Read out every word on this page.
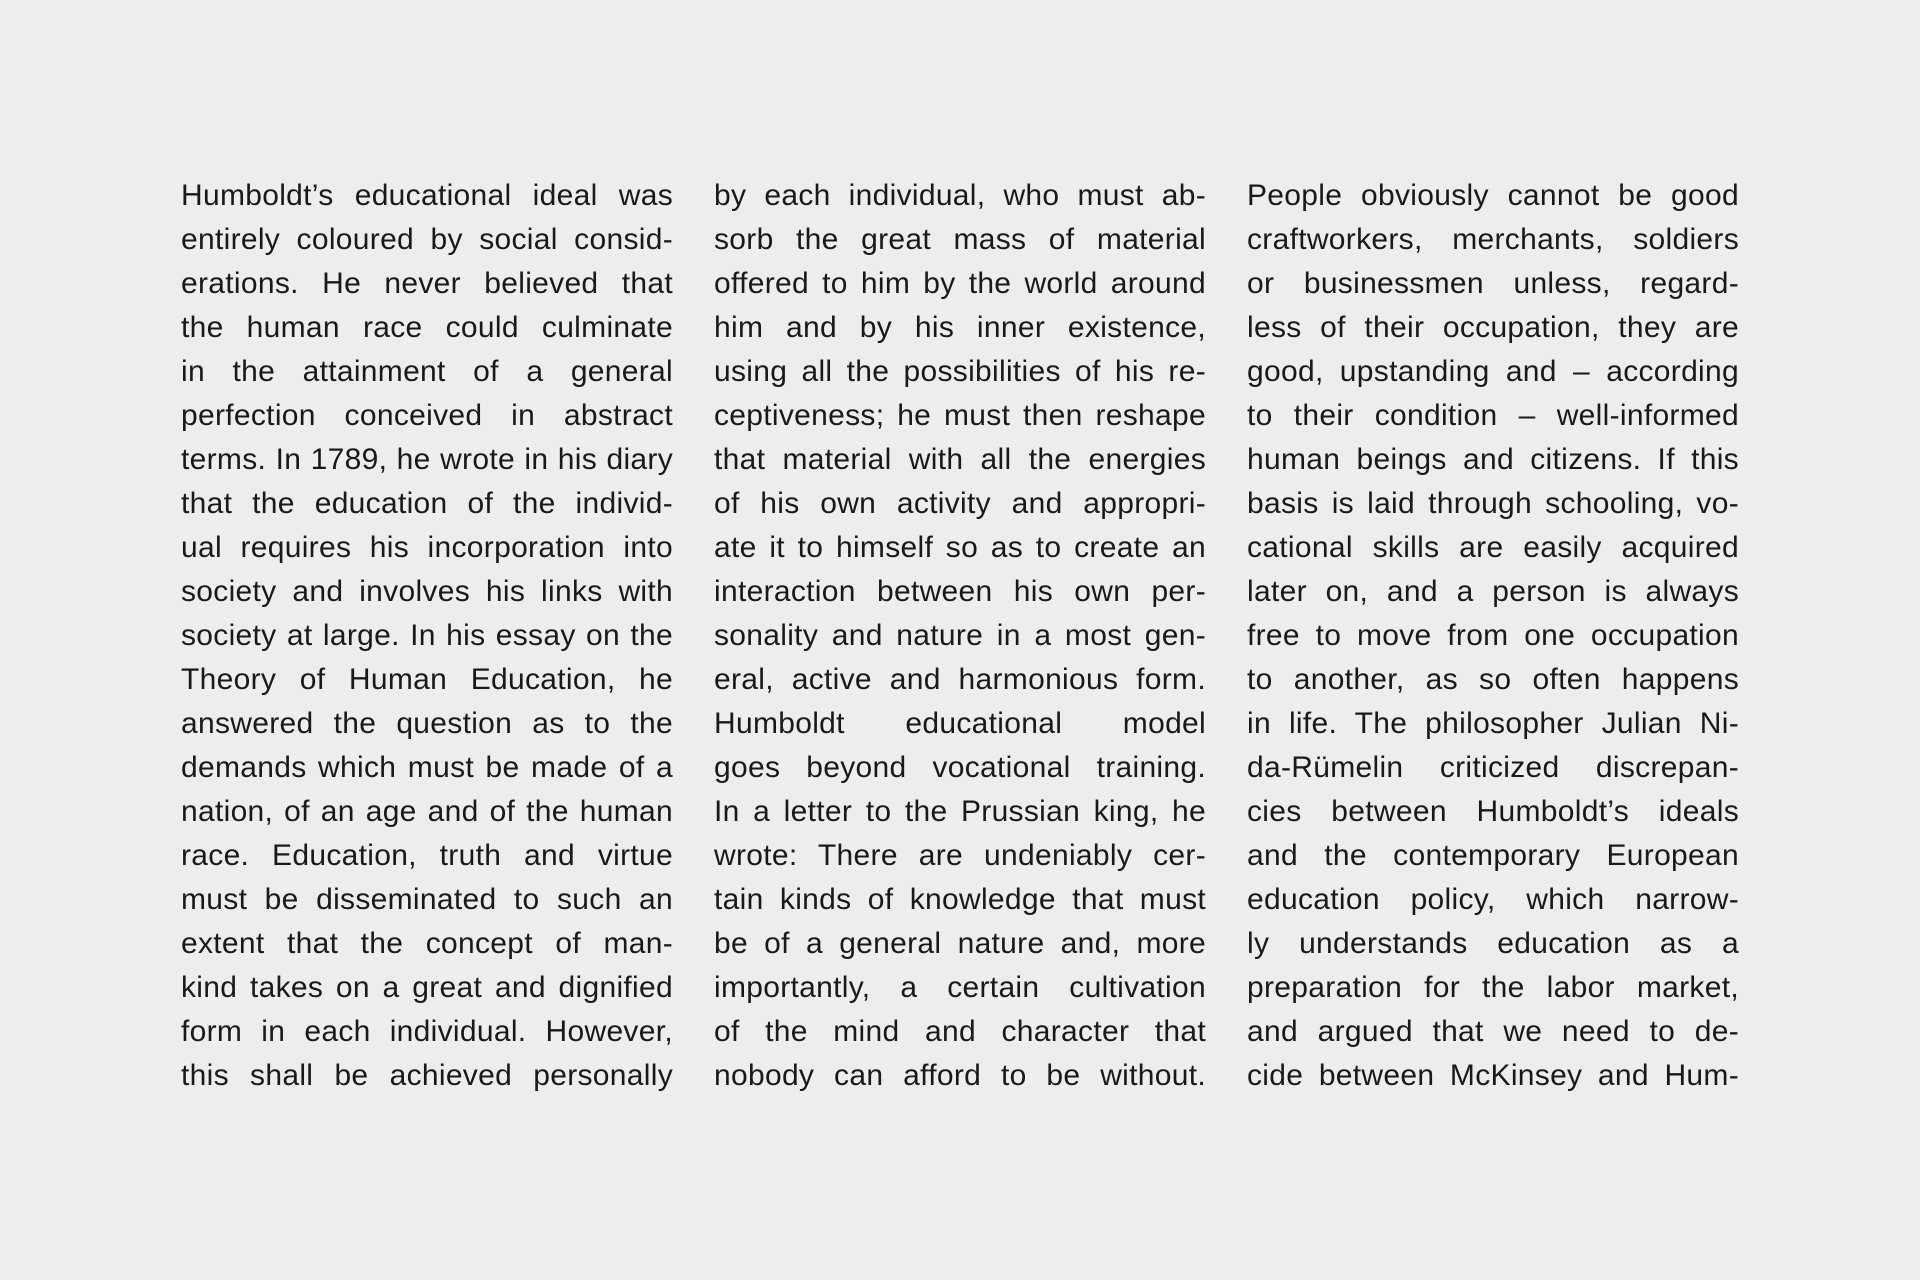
Humboldt’s educational ideal was
entirely coloured by social consid-
erations. He never believed that
the human race could culminate
in the attainment of a general
perfection conceived in abstract
terms. In 1789, he wrote in his diary
that the education of the individ-
ual requires his incorporation into
society and involves his links with
society at large. In his essay on the
Theory of Human Education, he
answered the question as to the
demands which must be made of a
nation, of an age and of the human
race. Education, truth and virtue
must be disseminated to such an
extent that the concept of man-
kind takes on a great and dignified
form in each individual. However,
this shall be achieved personally
by each individual, who must ab-
sorb the great mass of material
offered to him by the world around
him and by his inner existence,
using all the possibilities of his re-
ceptiveness; he must then reshape
that material with all the energies
of his own activity and appropri-
ate it to himself so as to create an
interaction between his own per-
sonality and nature in a most gen-
eral, active and harmonious form.
Humboldt educational model
goes beyond vocational training.
In a letter to the Prussian king, he
wrote: There are undeniably cer-
tain kinds of knowledge that must
be of a general nature and, more
importantly, a certain cultivation
of the mind and character that
nobody can afford to be without.
People obviously cannot be good
craftworkers, merchants, soldiers
or businessmen unless, regard-
less of their occupation, they are
good, upstanding and – according
to their condition – well-informed
human beings and citizens. If this
basis is laid through schooling, vo-
cational skills are easily acquired
later on, and a person is always
free to move from one occupation
to another, as so often happens
in life. The philosopher Julian Ni-
da-Rümelin criticized discrepan-
cies between Humboldt’s ideals
and the contemporary European
education policy, which narrow-
ly understands education as a
preparation for the labor market,
and argued that we need to de-
cide between McKinsey and Hum-
